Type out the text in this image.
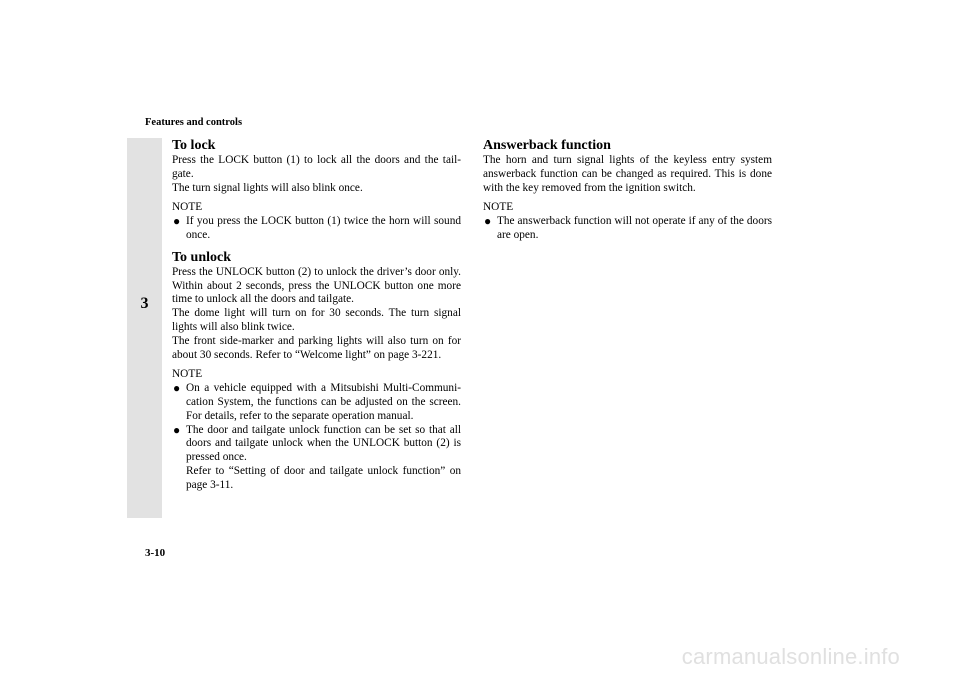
Features and controls
3
To lock

Press the LOCK button (1) to lock all the doors and the tail-gate.

The turn signal lights will also blink once.

NOTE
● If you press the LOCK button (1) twice the horn will sound once.
To unlock

Press the UNLOCK button (2) to unlock the driver’s door only. Within about 2 seconds, press the UNLOCK button one more time to unlock all the doors and tailgate.

The dome light will turn on for 30 seconds. The turn signal lights will also blink twice.

The front side-marker and parking lights will also turn on for about 30 seconds. Refer to “Welcome light” on page 3-221.

NOTE
● On a vehicle equipped with a Mitsubishi Multi-Communi-cation System, the functions can be adjusted on the screen. For details, refer to the separate operation manual.
● The door and tailgate unlock function can be set so that all doors and tailgate unlock when the UNLOCK button (2) is pressed once.
Refer to “Setting of door and tailgate unlock function” on page 3-11.
Answerback function

The horn and turn signal lights of the keyless entry system answerback function can be changed as required. This is done with the key removed from the ignition switch.

NOTE
● The answerback function will not operate if any of the doors are open.
3-10
carmanualsonline.info
